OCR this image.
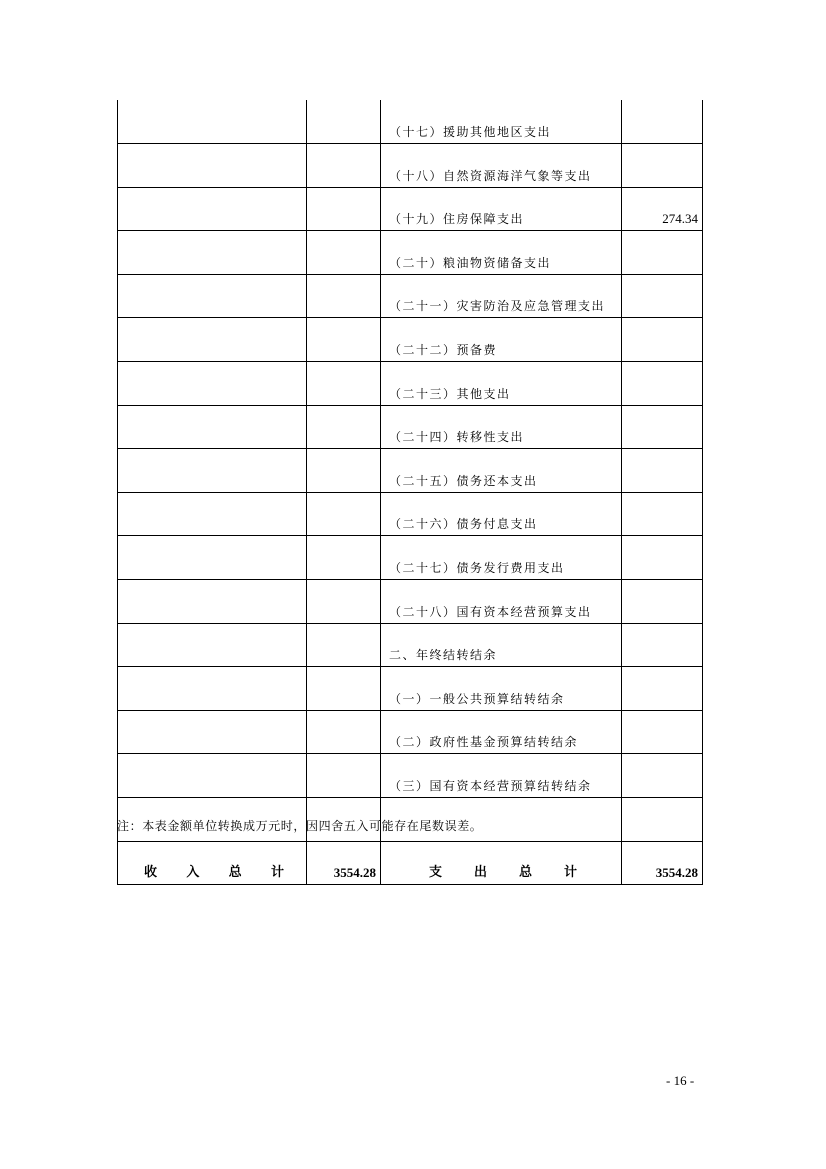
		（十七）援助其他地区支出	
		（十八）自然资源海洋气象等支出	
		（十九）住房保障支出	274.34
		（二十）粮油物资储备支出	
		（二十一）灾害防治及应急管理支出	
		（二十二）预备费	
		（二十三）其他支出	
		（二十四）转移性支出	
		（二十五）债务还本支出	
		（二十六）债务付息支出	
		（二十七）债务发行费用支出	
		（二十八）国有资本经营预算支出	
		二、年终结转结余	
		（一）一般公共预算结转结余	
		（二）政府性基金预算结转结余	
		（三）国有资本经营预算结转结余	

收 入 总 计	3554.28	支 出 总 计	3554.28
注：本表金额单位转换成万元时，因四舍五入可能存在尾数误差。
- 16 -
